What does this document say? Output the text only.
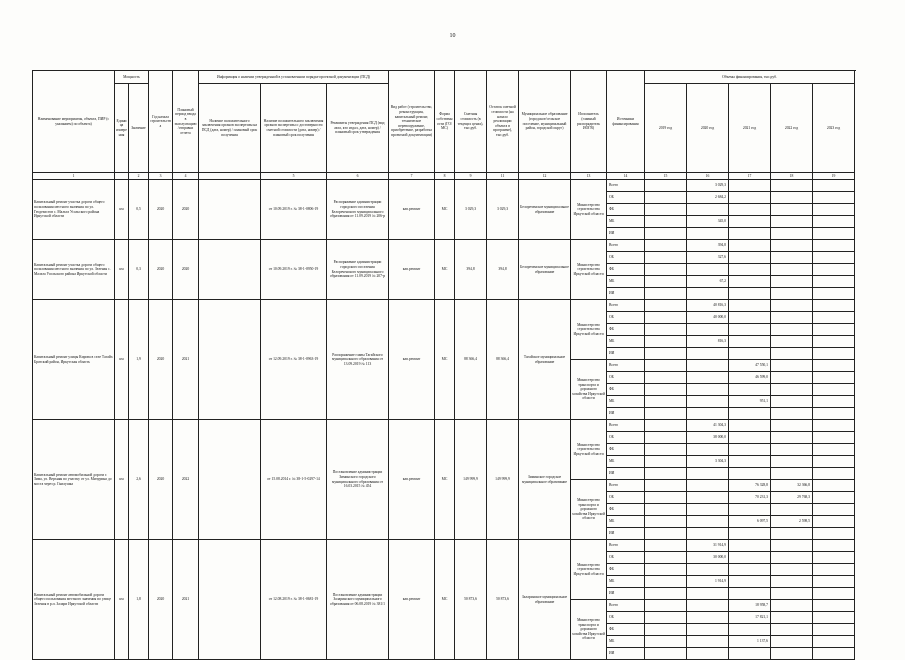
10
Наименование мероприятия, объекта, ПИР (с указанием) по объекта)	Мощность		Год начала строительства	Плановый период ввода в эксплуатацию/отправки отчета	Информация о наличии утвержденной в установленном порядке проектной документации (ПСД)			Вид работ (строительство, реконструкция, капитальный ремонт, техническое перевооружение, приобретение, разработка проектной документации)	Форма собственности (ГО/МС)	Сметная стоимость (в текущих ценах), тыс.руб.	Остаток сметной стоимости (на начало реализации объекта в программе), тыс.руб.	Муниципальное образование (городское/сельское поселение, муниципальный район, городской округ)	Исполнитель (главный распорядитель ИОГВ)	Источники финансирования	Объемы финансирования, тыс.руб.					
	Единица измерения	Значение			Наличие положительного заключения органов экспертизы на ПСД (дата, номер) / плановый срок получения	Наличие положительного заключения органов экспертизы о достоверности сметной стоимости (дата, номер) / плановый срок получения	Реквизиты утверждения ПСД (вид акта, кто издал, дата, номер) / плановый срок утверждения								2019 год	2020 год	2021 год	2022 год	2023 год	
1		2	3	4		5	6	7	8	9	11	12	13	14	15	16	17	18	19	
Капитальный ремонт участка дороги общего пользования местного значения по ул. Геодезистов с. Мальта Усольского района Иркутской области	км	0,5	2020	2020		от 10.09.2019 г. № 38-1-0806-19	Распоряжение администрации городского поселения Белореченского муниципального образования от 11.09.2019 № 206-р	кап.ремонт	МС	3 029,3	3 029,3	Белореченское муниципальное образование	Министерство строительства Иркутской области	Всего		3 029,3				
														ОБ		2 684,2				
														ФБ						
														МБ		345,0				
														ИИ						
Капитальный ремонт участка дороги общего пользования местного значения по ул. Зеленая с. Мальта Усольского района Иркутской области	км	0,3	2020	2020		от 10.09.2019 г. № 38-1-0950-19	Распоряжение администрации городского поселения Белореченского муниципального образования от 11.09.2019 № 207-р	кап.ремонт	МС	394,8	394,8	Белореченское муниципальное образование	Министерство строительства Иркутской области	Всего		394,8				
														ОБ		327,6				
														ФБ						
														МБ		67,2				
														ИИ						
Капитальный ремонт улицы Кирова в селе Тагайх Братский район, Иркутская область	км	1,9	2020	2021		от 12.09.2019 г. № 38-1-0963-19	Распоряжение главы Тагайского муниципального образования от 13.09.2019 № 113	кап.ремонт	МС	88 366,4	88 366,4	Тагайское муниципальное образование	Министерство строительства Иркутской области	Всего		40 816,3				
														ОБ		40 000,0				
														ФБ						
														МБ		816,3				
														ИИ						
													Министерство транспорта и дорожного хозяйства Иркутской области	Всего			47 550,1			
														ОБ			46 599,0			
														ФБ						
														МБ			951,1			
														ИИ						
Капитальный ремонт автомобильной дороги г. Зима, ул. Верхняя по участку от ул. Мичурина до моста через р. Гнилушка	км	2,6	2020	2022		от 15.08.2014 г. № 38-1-5-0297-14	Постановление администрации Зиминского городского муниципального образования от 16.03.2015 № 454	кап.ремонт	МС	149 999,9	149 999,9	Зиминское городское муниципальное образование	Министерство строительства Иркутской области	Всего		41 304,3				
														ОБ		38 000,0				
														ФБ						
														МБ		3 304,3				
														ИИ						
													Министерство транспорта и дорожного хозяйства Иркутской области	Всего			76 328,8	32 366,8		
														ОБ			70 231,3	29 768,3		
														ФБ						
														МБ			6 097,5	2 598,5		
														ИИ						
Капитальный ремонт автомобильной дороги общего пользования местного значения по улице Зеленая в р.п. Залари Иркутской области	км	1,8	2020	2021		от 12.08.2019 г. № 38-1-0681-19	Постановление администрации Заларинского муниципального образования от 06.08.2019 № 381/1	кап.ремонт	МС	50 873,6	50 873,6	Заларинское муниципальное образование	Министерство строительства Иркутской области	Всего		31 914,9				
														ОБ		30 000,0				
														ФБ						
														МБ		1 914,9				
														ИИ						
													Министерство транспорта и дорожного хозяйства Иркутской области	Всего			18 958,7			
														ОБ			17 821,1			
														ФБ						
														МБ			1 137,6			
														ИИ						
